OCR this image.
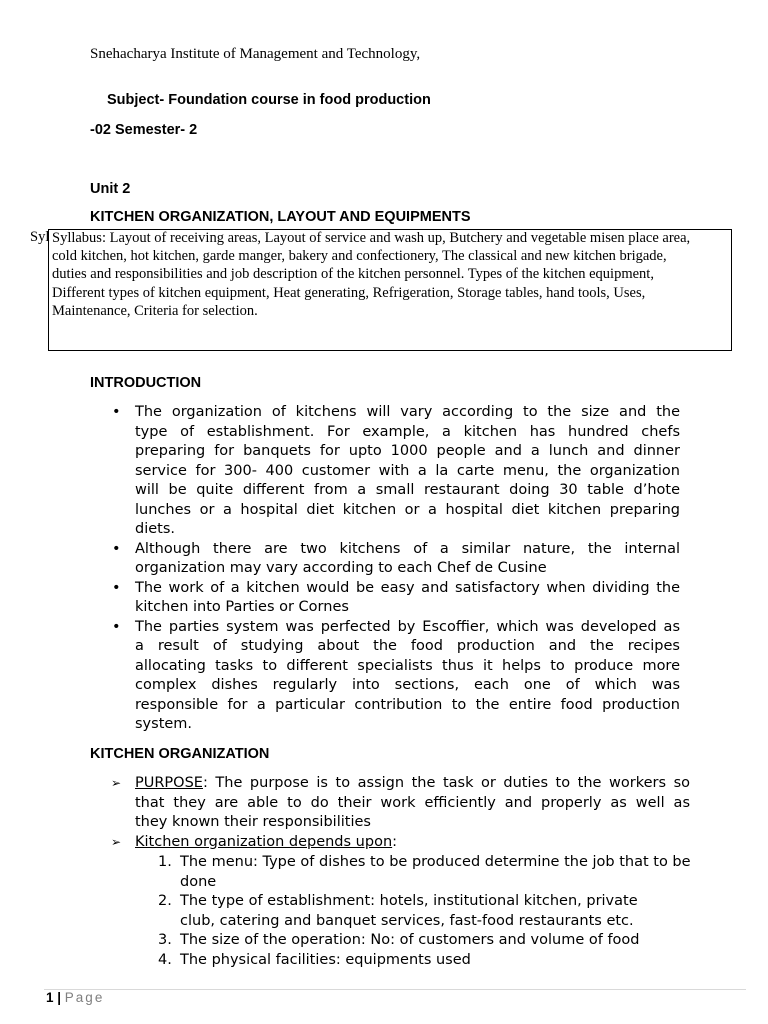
Snehacharya Institute of Management and Technology,
Subject- Foundation course in food production
-02 Semester- 2
Unit 2
KITCHEN ORGANIZATION, LAYOUT AND EQUIPMENTS
Syl Syllabus: Layout of receiving areas, Layout of service and wash up, Butchery and vegetable misen place area,
cold kitchen, hot kitchen, garde manger, bakery and confectionery, The classical and new kitchen brigade,
duties and responsibilities and job description of the kitchen personnel. Types of the kitchen equipment,
Different types of kitchen equipment, Heat generating, Refrigeration, Storage tables, hand tools, Uses,
Maintenance, Criteria for selection.
INTRODUCTION
• The organization of kitchens will vary according to the size and the
type of establishment. For example, a kitchen has hundred chefs
preparing for banquets for upto 1000 people and a lunch and dinner
service for 300- 400 customer with a la carte menu, the organization
will be quite different from a small restaurant doing 30 table d’hote
lunches or a hospital diet kitchen or a hospital diet kitchen preparing
diets.
• Although there are two kitchens of a similar nature, the internal
organization may vary according to each Chef de Cusine
• The work of a kitchen would be easy and satisfactory when dividing the
kitchen into Parties or Cornes
• The parties system was perfected by Escoffier, which was developed as
a result of studying about the food production and the recipes
allocating tasks to different specialists thus it helps to produce more
complex dishes regularly into sections, each one of which was
responsible for a particular contribution to the entire food production
system.
KITCHEN ORGANIZATION
➢ PURPOSE: The purpose is to assign the task or duties to the workers so
that they are able to do their work efficiently and properly as well as
they known their responsibilities
➢ Kitchen organization depends upon:
1. The menu: Type of dishes to be produced determine the job that to be
done
2. The type of establishment: hotels, institutional kitchen, private
club, catering and banquet services, fast-food restaurants etc.
3. The size of the operation: No: of customers and volume of food
4. The physical facilities: equipments used
1 | Page
